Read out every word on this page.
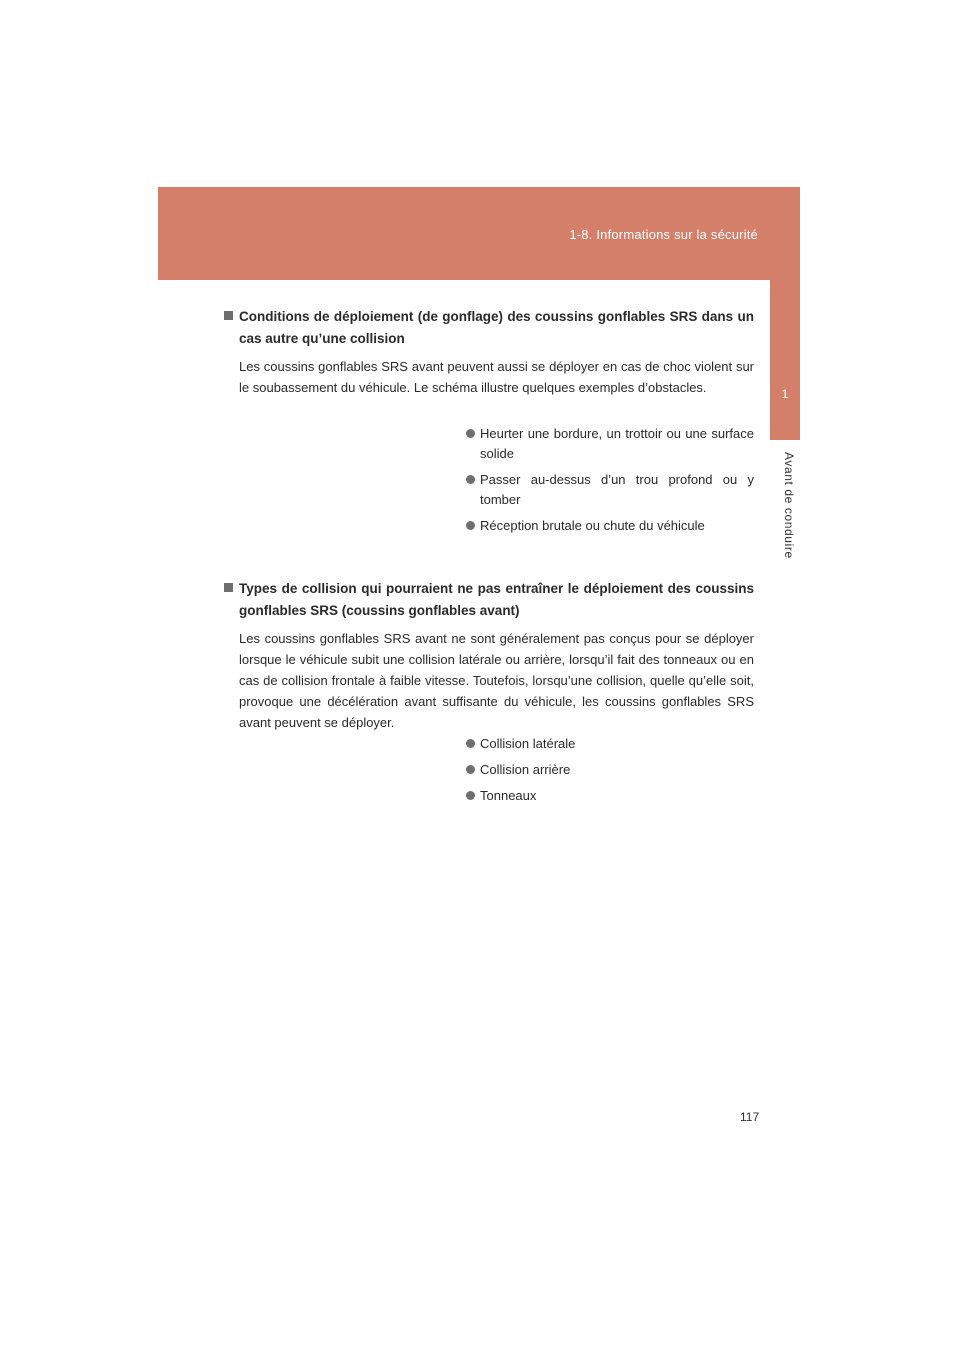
1-8. Informations sur la sécurité
1
Avant de conduire
Conditions de déploiement (de gonflage) des coussins gonflables SRS dans un cas autre qu’une collision
Les coussins gonflables SRS avant peuvent aussi se déployer en cas de choc violent sur le soubassement du véhicule. Le schéma illustre quelques exemples d’obstacles.
Heurter une bordure, un trottoir ou une surface solide
Passer au-dessus d’un trou profond ou y tomber
Réception brutale ou chute du véhicule
Types de collision qui pourraient ne pas entraîner le déploiement des coussins gonflables SRS (coussins gonflables avant)
Les coussins gonflables SRS avant ne sont généralement pas conçus pour se déployer lorsque le véhicule subit une collision latérale ou arrière, lorsqu’il fait des tonneaux ou en cas de collision frontale à faible vitesse. Toutefois, lorsqu’une collision, quelle qu’elle soit, provoque une décélération avant suffisante du véhicule, les coussins gonflables SRS avant peuvent se déployer.
Collision latérale
Collision arrière
Tonneaux
117
